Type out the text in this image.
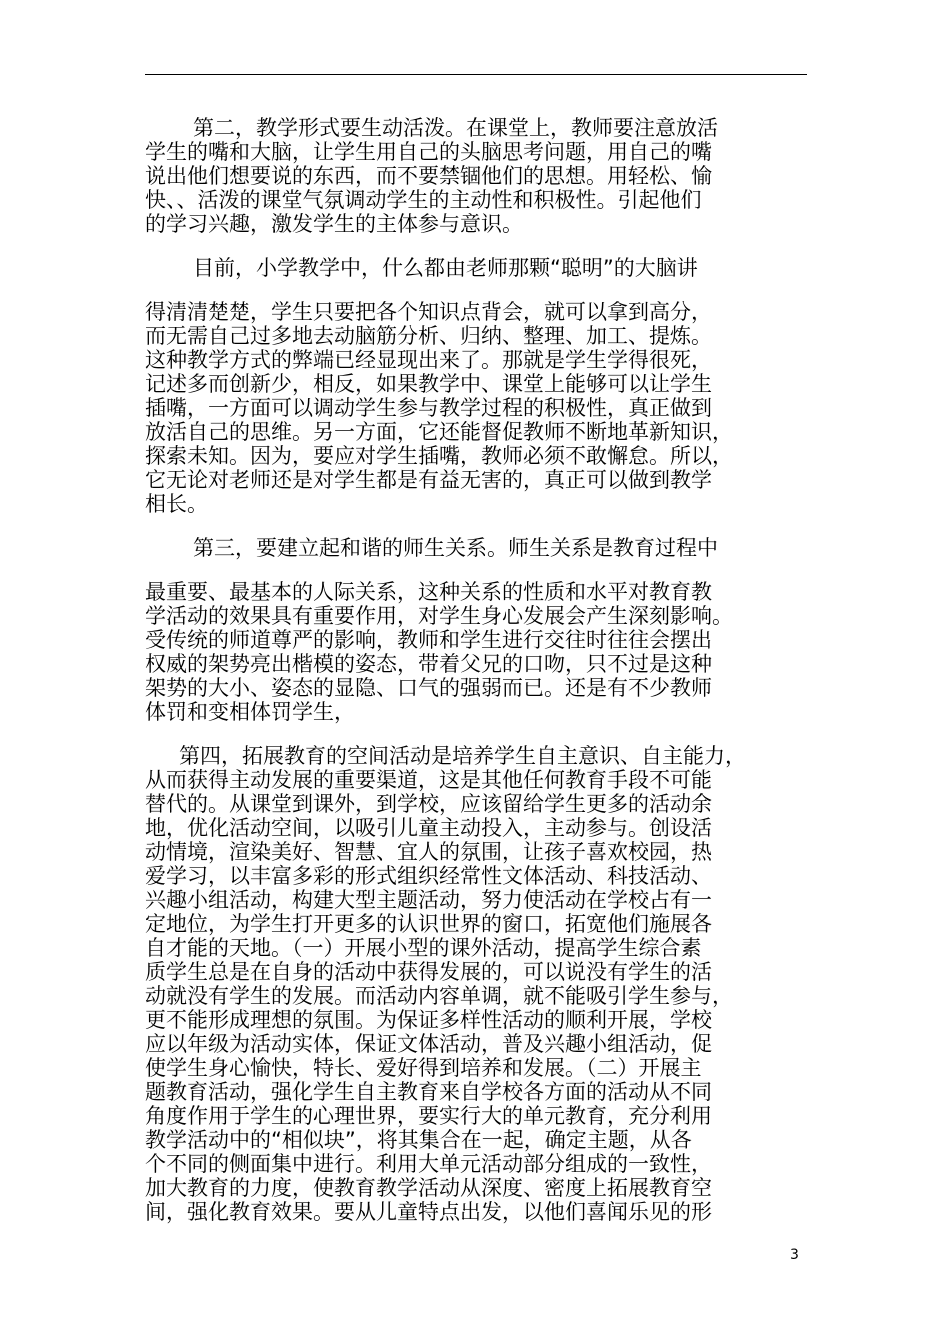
第二，教学形式要生动活泼。在课堂上，教师要注意放活
学生的嘴和大脑，让学生用自己的头脑思考问题，用自己的嘴
说出他们想要说的东西，而不要禁锢他们的思想。用轻松、愉
快、、活泼的课堂气氛调动学生的主动性和积极性。引起他们
的学习兴趣，激发学生的主体参与意识。
目前，小学教学中，什么都由老师那颗“聪明”的大脑讲
得清清楚楚，学生只要把各个知识点背会，就可以拿到高分，
而无需自己过多地去动脑筋分析、归纳、整理、加工、提炼。
这种教学方式的弊端已经显现出来了。那就是学生学得很死，
记述多而创新少，相反，如果教学中、课堂上能够可以让学生
插嘴，一方面可以调动学生参与教学过程的积极性，真正做到
放活自己的思维。另一方面，它还能督促教师不断地革新知识，
探索未知。因为，要应对学生插嘴，教师必须不敢懈怠。所以，
它无论对老师还是对学生都是有益无害的，真正可以做到教学
相长。
第三，要建立起和谐的师生关系。师生关系是教育过程中
最重要、最基本的人际关系，这种关系的性质和水平对教育教
学活动的效果具有重要作用，对学生身心发展会产生深刻影响。
受传统的师道尊严的影响，教师和学生进行交往时往往会摆出
权威的架势亮出楷模的姿态，带着父兄的口吻，只不过是这种
架势的大小、姿态的显隐、口气的强弱而已。还是有不少教师
体罚和变相体罚学生，
第四，拓展教育的空间活动是培养学生自主意识、自主能力，
从而获得主动发展的重要渠道，这是其他任何教育手段不可能
替代的。从课堂到课外，到学校，应该留给学生更多的活动余
地，优化活动空间，以吸引儿童主动投入，主动参与。创设活
动情境，渲染美好、智慧、宜人的氛围，让孩子喜欢校园，热
爱学习，以丰富多彩的形式组织经常性文体活动、科技活动、
兴趣小组活动，构建大型主题活动，努力使活动在学校占有一
定地位，为学生打开更多的认识世界的窗口，拓宽他们施展各
自才能的天地。（一）开展小型的课外活动，提高学生综合素
质学生总是在自身的活动中获得发展的，可以说没有学生的活
动就没有学生的发展。而活动内容单调，就不能吸引学生参与，
更不能形成理想的氛围。为保证多样性活动的顺利开展，学校
应以年级为活动实体，保证文体活动，普及兴趣小组活动，促
使学生身心愉快，特长、爱好得到培养和发展。（二）开展主
题教育活动，强化学生自主教育来自学校各方面的活动从不同
角度作用于学生的心理世界，要实行大的单元教育，充分利用
教学活动中的“相似块”，将其集合在一起，确定主题，从各
个不同的侧面集中进行。利用大单元活动部分组成的一致性，
加大教育的力度，使教育教学活动从深度、密度上拓展教育空
间，强化教育效果。要从儿童特点出发，以他们喜闻乐见的形
3
